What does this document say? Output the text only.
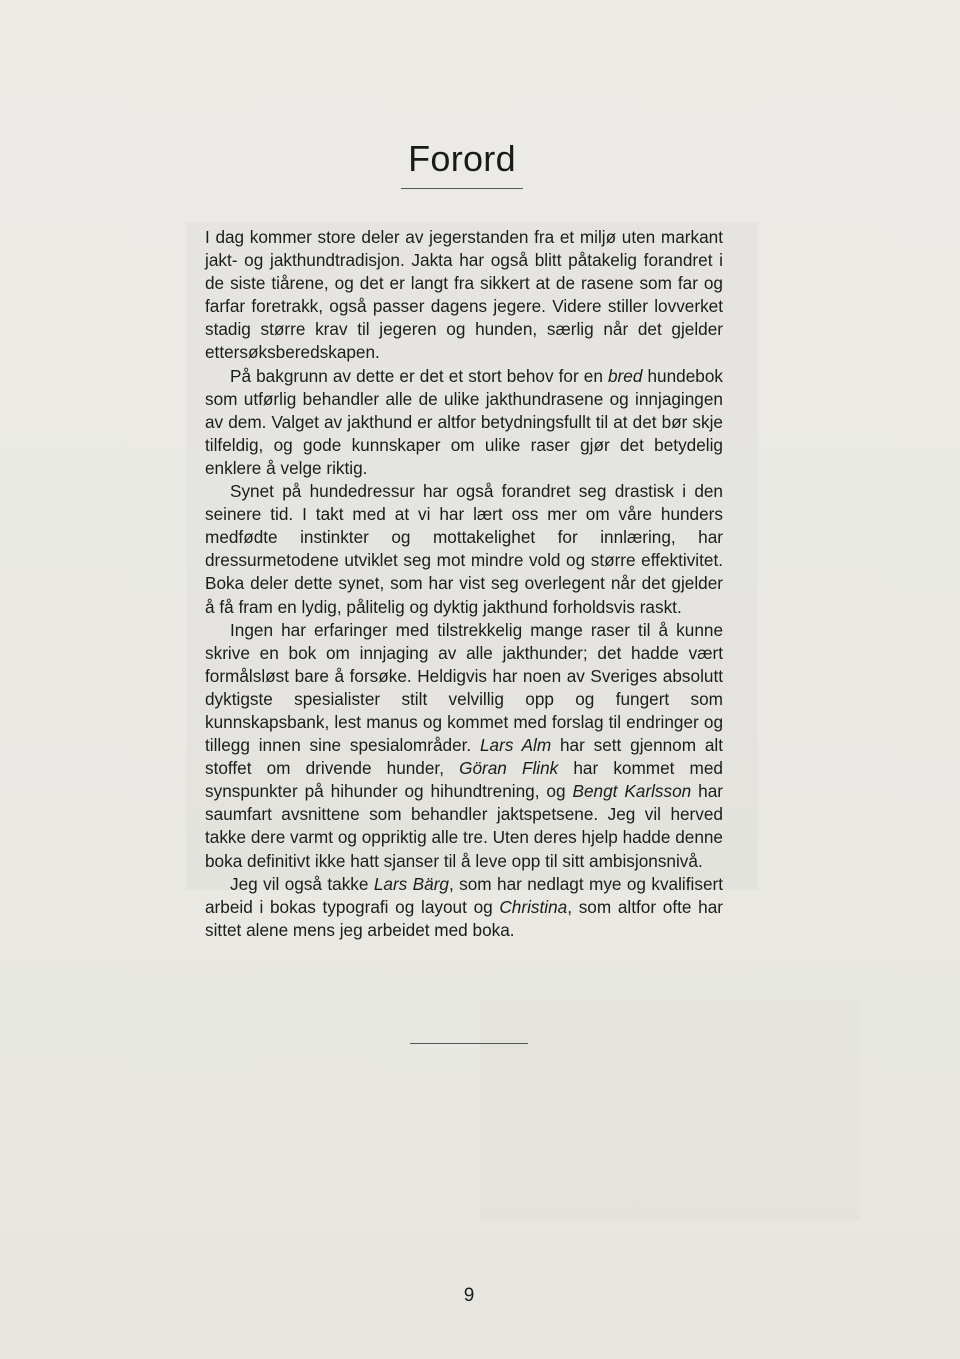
Forord

I dag kommer store deler av jegerstanden fra et miljø uten markant jakt- og jakthundtradisjon. Jakta har også blitt påtakelig forandret i de siste tiårene, og det er langt fra sikkert at de rasene som far og farfar foretrakk, også passer dagens jegere. Videre stiller lovverket stadig større krav til jegeren og hunden, særlig når det gjelder ettersøksberedskapen.

På bakgrunn av dette er det et stort behov for en bred hundebok som utførlig behandler alle de ulike jakthundrasene og innjagingen av dem. Valget av jakthund er altfor betydningsfullt til at det bør skje tilfeldig, og gode kunnskaper om ulike raser gjør det betydelig enklere å velge riktig.

Synet på hundedressur har også forandret seg drastisk i den seinere tid. I takt med at vi har lært oss mer om våre hunders medfødte instinkter og mottakelighet for innlæring, har dressurmetodene utviklet seg mot mindre vold og større effektivitet. Boka deler dette synet, som har vist seg overlegent når det gjelder å få fram en lydig, pålitelig og dyktig jakthund forholdsvis raskt.

Ingen har erfaringer med tilstrekkelig mange raser til å kunne skrive en bok om innjaging av alle jakthunder; det hadde vært formålsløst bare å forsøke. Heldigvis har noen av Sveriges absolutt dyktigste spesialister stilt velvillig opp og fungert som kunnskapsbank, lest manus og kommet med forslag til endringer og tillegg innen sine spesialområder. Lars Alm har sett gjennom alt stoffet om drivende hunder, Göran Flink har kommet med synspunkter på hihunder og hihundtrening, og Bengt Karlsson har saumfart avsnittene som behandler jaktspetsene. Jeg vil herved takke dere varmt og oppriktig alle tre. Uten deres hjelp hadde denne boka definitivt ikke hatt sjanser til å leve opp til sitt ambisjonsnivå.

Jeg vil også takke Lars Bärg, som har nedlagt mye og kvalifisert arbeid i bokas typografi og layout og Christina, som altfor ofte har sittet alene mens jeg arbeidet med boka.

9
